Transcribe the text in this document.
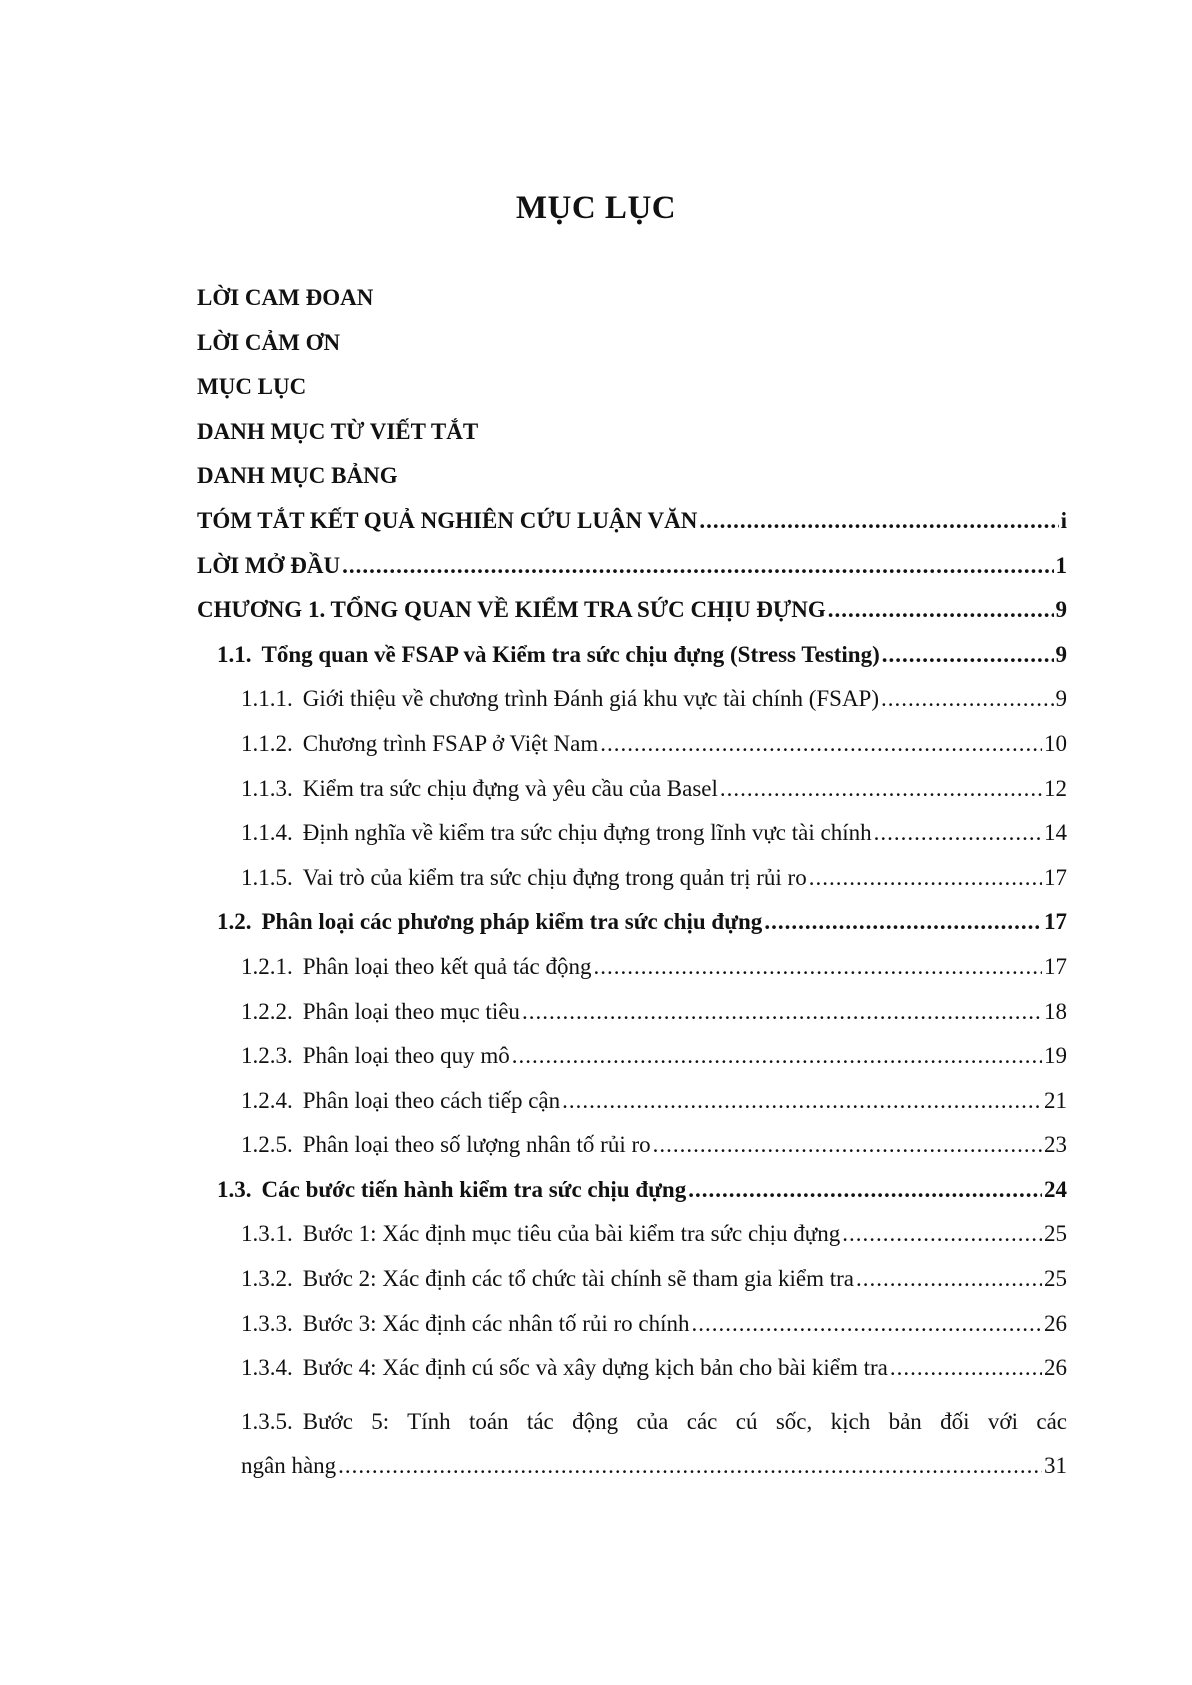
MỤC LỤC
LỜI CAM ĐOAN
LỜI CẢM ƠN
MỤC LỤC
DANH MỤC TỪ VIẾT TẮT
DANH MỤC BẢNG
TÓM TẮT KẾT QUẢ NGHIÊN CỨU LUẬN VĂN .....	i
LỜI MỞ ĐẦU .....	1
CHƯƠNG 1. TỔNG QUAN VỀ KIỂM TRA SỨC CHỊU ĐỰNG .....	9
1.1. Tổng quan về FSAP và Kiểm tra sức chịu đựng (Stress Testing) .....	9
1.1.1. Giới thiệu về chương trình Đánh giá khu vực tài chính (FSAP) .....	9
1.1.2. Chương trình FSAP ở Việt Nam .....	10
1.1.3. Kiểm tra sức chịu đựng và yêu cầu của Basel .....	12
1.1.4. Định nghĩa về kiểm tra sức chịu đựng trong lĩnh vực tài chính .....	14
1.1.5. Vai trò của kiểm tra sức chịu đựng trong quản trị rủi ro .....	17
1.2. Phân loại các phương pháp kiểm tra sức chịu đựng .....	17
1.2.1. Phân loại theo kết quả tác động .....	17
1.2.2. Phân loại theo mục tiêu .....	18
1.2.3. Phân loại theo quy mô .....	19
1.2.4. Phân loại theo cách tiếp cận .....	21
1.2.5. Phân loại theo số lượng nhân tố rủi ro .....	23
1.3. Các bước tiến hành kiểm tra sức chịu đựng .....	24
1.3.1. Bước 1: Xác định mục tiêu của bài kiểm tra sức chịu đựng .....	25
1.3.2. Bước 2: Xác định các tổ chức tài chính sẽ tham gia kiểm tra .....	25
1.3.3. Bước 3: Xác định các nhân tố rủi ro chính .....	26
1.3.4. Bước 4: Xác định cú sốc và xây dựng kịch bản cho bài kiểm tra .....	26
1.3.5. Bước 5: Tính toán tác động của các cú sốc, kịch bản đối với các
ngân hàng .....	31
